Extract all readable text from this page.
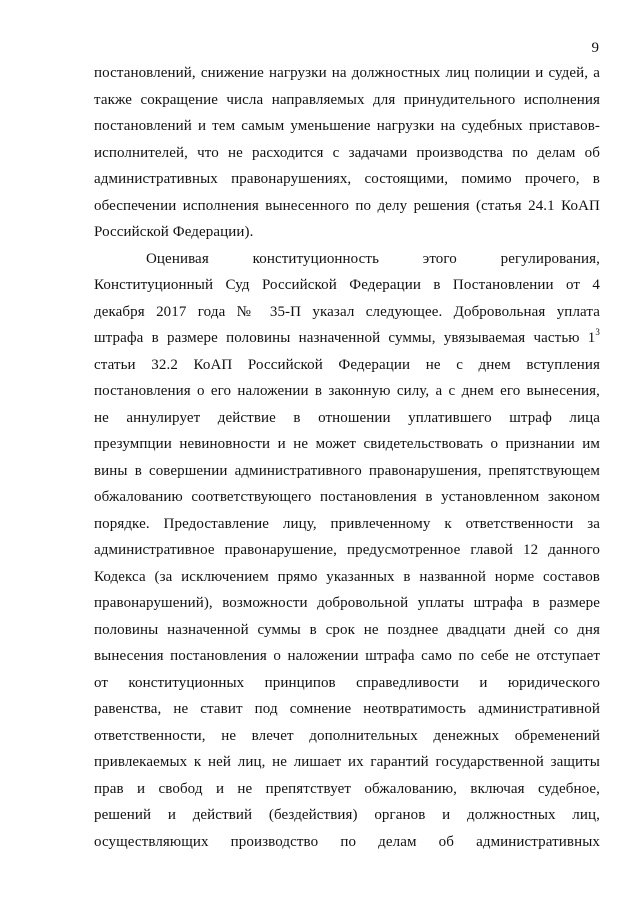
9
постановлений, снижение нагрузки на должностных лиц полиции и судей, а
также сокращение числа направляемых для принудительного исполнения
постановлений и тем самым уменьшение нагрузки на судебных приставов-
исполнителей, что не расходится с задачами производства по делам об
административных правонарушениях, состоящими, помимо прочего, в
обеспечении исполнения вынесенного по делу решения (статья 24.1 КоАП
Российской Федерации).
Оценивая конституционность этого регулирования,
Конституционный Суд Российской Федерации в Постановлении от 4
декабря 2017 года № 35-П указал следующее. Добровольная уплата
штрафа в размере половины назначенной суммы, увязываемая частью $1^3$
статьи 32.2 КоАП Российской Федерации не с днем вступления
постановления о его наложении в законную силу, а с днем его вынесения,
не аннулирует действие в отношении уплатившего штраф лица
презумпции невиновности и не может свидетельствовать о признании им
вины в совершении административного правонарушения, препятствующем
обжалованию соответствующего постановления в установленном законом
порядке. Предоставление лицу, привлеченному к ответственности за
административное правонарушение, предусмотренное главой 12 данного
Кодекса (за исключением прямо указанных в названной норме составов
правонарушений), возможности добровольной уплаты штрафа в размере
половины назначенной суммы в срок не позднее двадцати дней со дня
вынесения постановления о наложении штрафа само по себе не отступает
от конституционных принципов справедливости и юридического
равенства, не ставит под сомнение неотвратимость административной
ответственности, не влечет дополнительных денежных обременений
привлекаемых к ней лиц, не лишает их гарантий государственной защиты
прав и свобод и не препятствует обжалованию, включая судебное,
решений и действий (бездействия) органов и должностных лиц,
осуществляющих производство по делам об административных
